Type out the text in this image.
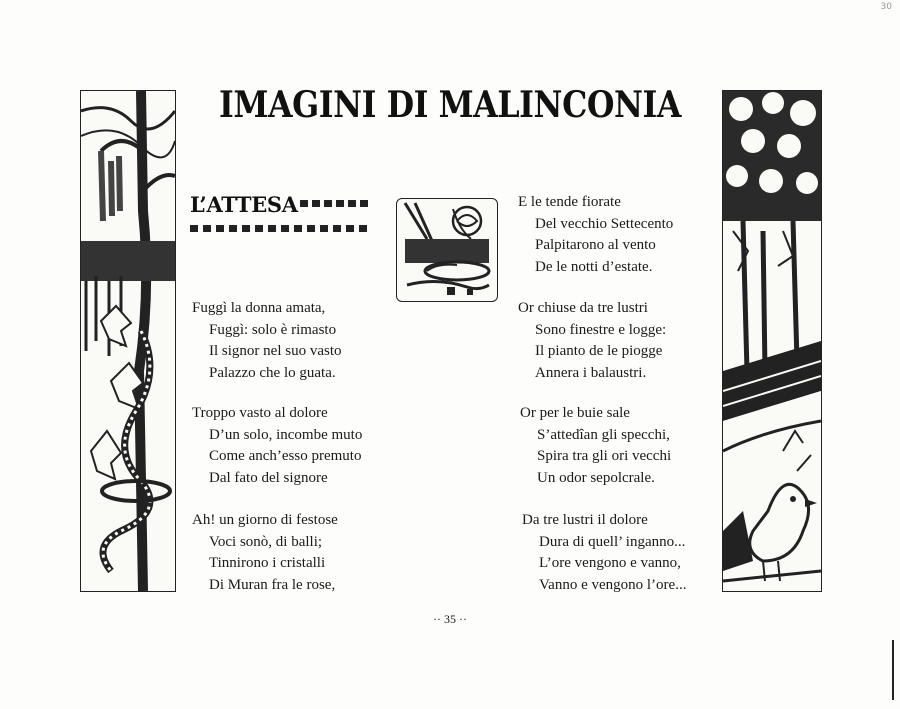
30
IMAGINI DI MALINCONIA
L’ATTESA
Fuggì la donna amata,
Fuggì: solo è rimasto
Il signor nel suo vasto
Palazzo che lo guata.
Troppo vasto al dolore
D’un solo, incombe muto
Come anch’esso premuto
Dal fato del signore
Ah! un giorno di festose
Voci sonò, di balli;
Tinnirono i cristalli
Di Muran fra le rose,
E le tende fiorate
Del vecchio Settecento
Palpitarono al vento
De le notti d’estate.
Or chiuse da tre lustri
Sono finestre e logge:
Il pianto de le piogge
Annera i balaustri.
Or per le buie sale
S’attedîan gli specchi,
Spira tra gli ori vecchi
Un odor sepolcrale.
Da tre lustri il dolore
Dura di quell’ inganno...
L’ore vengono e vanno,
Vanno e vengono l’ore...
·· 35 ··
